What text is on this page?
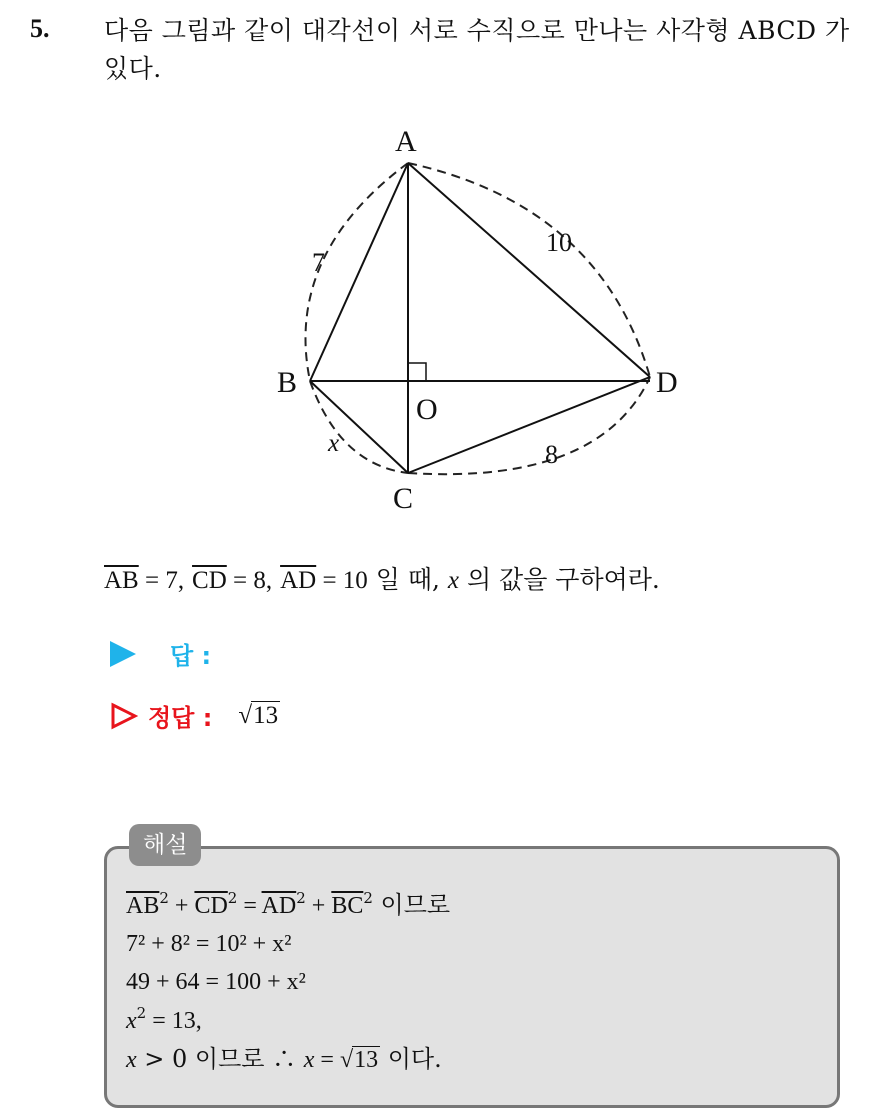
5. 다음 그림과 같이 대각선이 서로 수직으로 만나는 사각형 ABCD 가 있다.
A
B
C
D
O
7
10
8
x
$\overline{AB} = 7$, $\overline{CD} = 8$, $\overline{AD} = 10$ 일 때, x 의 값을 구하여라.
답 :
정답 : √13
해설
$\overline{AB}^2 + \overline{CD}^2 = \overline{AD}^2 + \overline{BC}^2$ 이므로
7² + 8² = 10² + x²
49 + 64 = 100 + x²
$x^2 = 13$,
x > 0 이므로 ∴ x = √13 이다.
